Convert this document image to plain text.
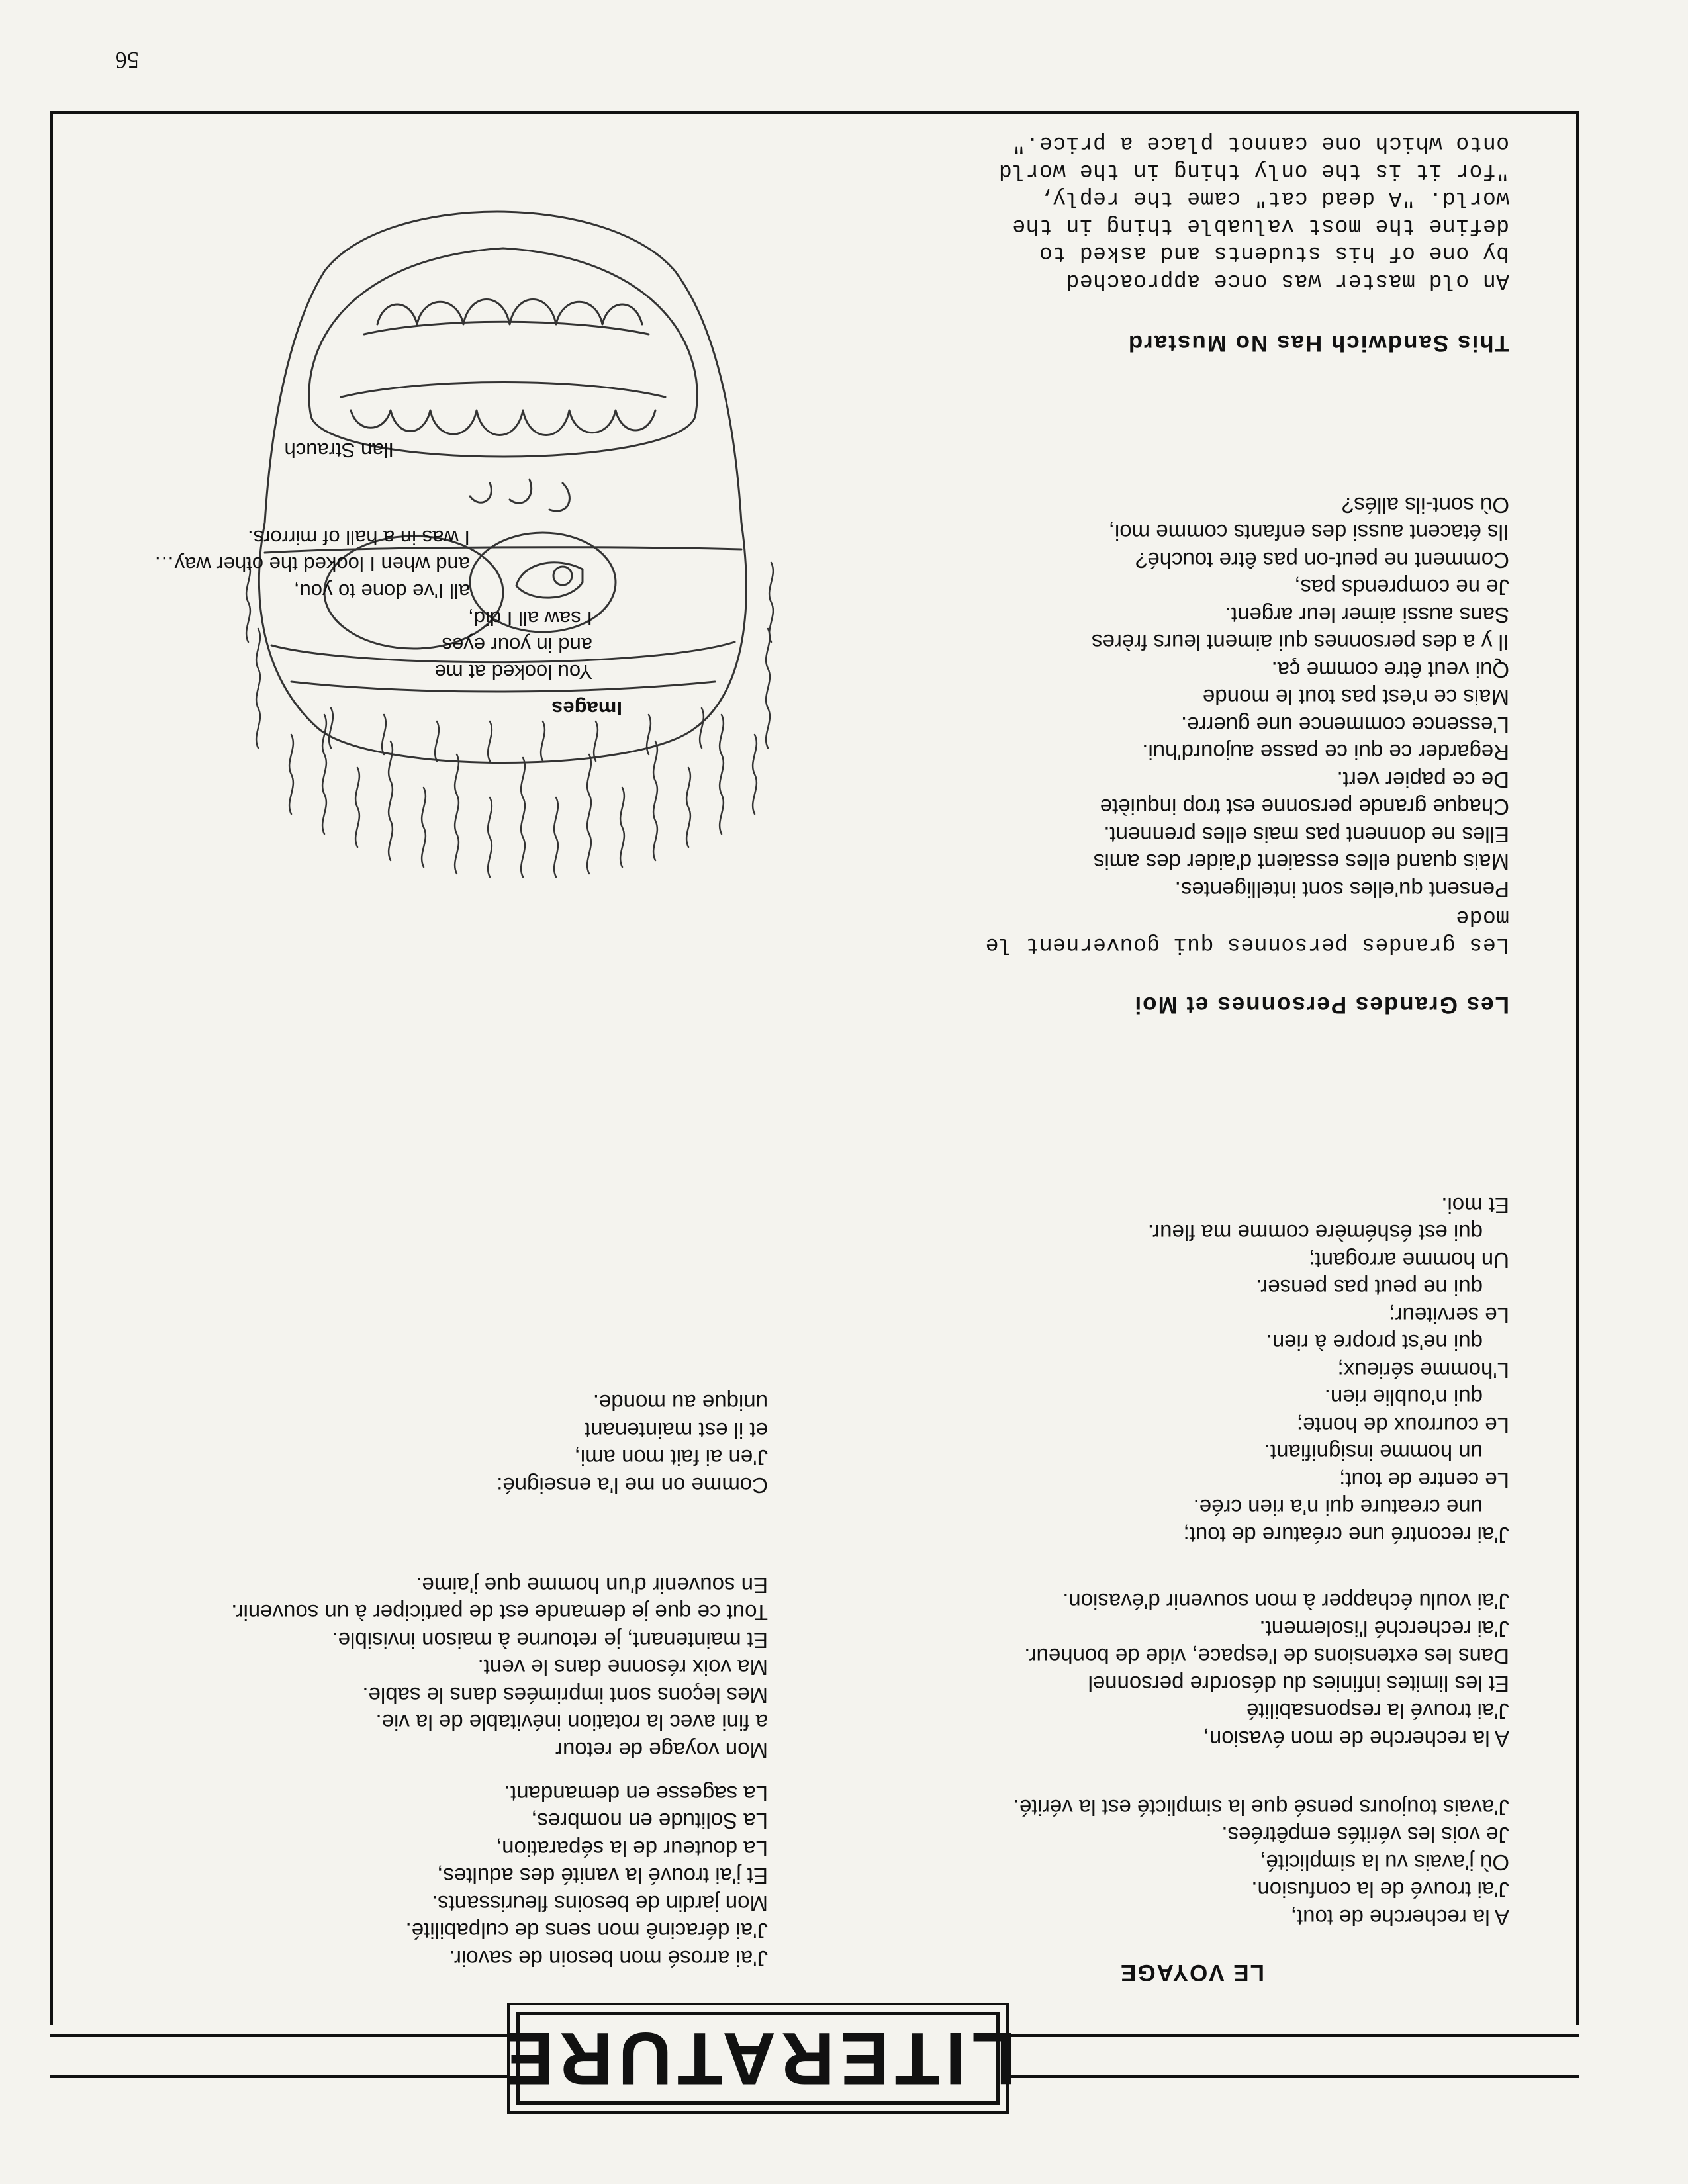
LITERATURE
LE VOYAGE
A la recherche de tout,
J'ai trouvé de la confusion.
Où j'avais vu la simplicité,
Je vois les vérités empêtrées.
J'avais toujours pensé que la simplicté est la vérité.
A la recherche de mon évasion,
J'ai trouvé la responsabilité
Et les limites infinies du désordre personnel
Dans les extensions de l'espace, vide de bonheur.
J'ai recherché l'isolement.
J'ai voulu échapper à mon souvenir d'évasion.
J'ai recontré une créature de tout;
une creature qui n'a rien crée.
Le centre de tout;
un homme insignifiant.
Le courroux de honte;
qui n'oublie rien.
L'homme sérieux;
qui ne'st propre à rien.
Le serviteur;
qui ne peut pas penser.
Un homme arrogant;
qui est éshémère comme ma fleur.
Et moi.
J'ai arrosé mon besoin de savoir.
J'ai déracinê mon sens de culpabilité.
Mon jardin de besoins fleurissants.
Et j'ai trouvé la vanité des adultes,
La douteur de la séparation,
La Solitude en nombres,
La sagesse en demandant.
Mon voyage de retour
a fini avec la rotation inévitable de la vie.
Mes leçons sont imprimées dans le sable.
Ma voix résonne dans le vent.
Et maintenant, je retourne à maison invisible.
Tout ce que je demande est de participer à un souvenir.
En souvenir d'un homme que j'aime.
Comme on me l'a enseigné:
J'en ai fait mon ami,
et il est maintenant
unique au monde.
Les Grandes Personnes et Moi
Les grandes personnes qui gouvernent le
mode
Pensent qu'elles sont intelligentes.
Mais quand elles essaient d'aider des amis
Elles ne donnent pas mais elles prennent.
Chaque grande personne est trop inquiète
De ce papier vert.
Regarder ce qui ce passe aujourd'hui.
L'essence commence une guerre.
Mais ce n'est pas tout le monde
Qui veut être comme ça.
Il y a des personnes qui aiment leurs frères
Sans aussi aimer leur argent.
Je ne comprends pas,
Comment ne peut-on pas être touché?
Ils étacent aussi des enfants comme moi,
Où sont-ils allés?
This Sandwich Has No Mustard
An old master was once approached
by one of his students and asked to
define the most valuable thing in the
world. "A dead cat" came the reply,
"for it is the only thing in the world
onto which one cannot place a price."
Images
You looked at me
and in your eyes
I saw all I did,
all I've done to you,
and when I looked the other way…
I was in a hall of mirrors.
Ilan Strauch
56
